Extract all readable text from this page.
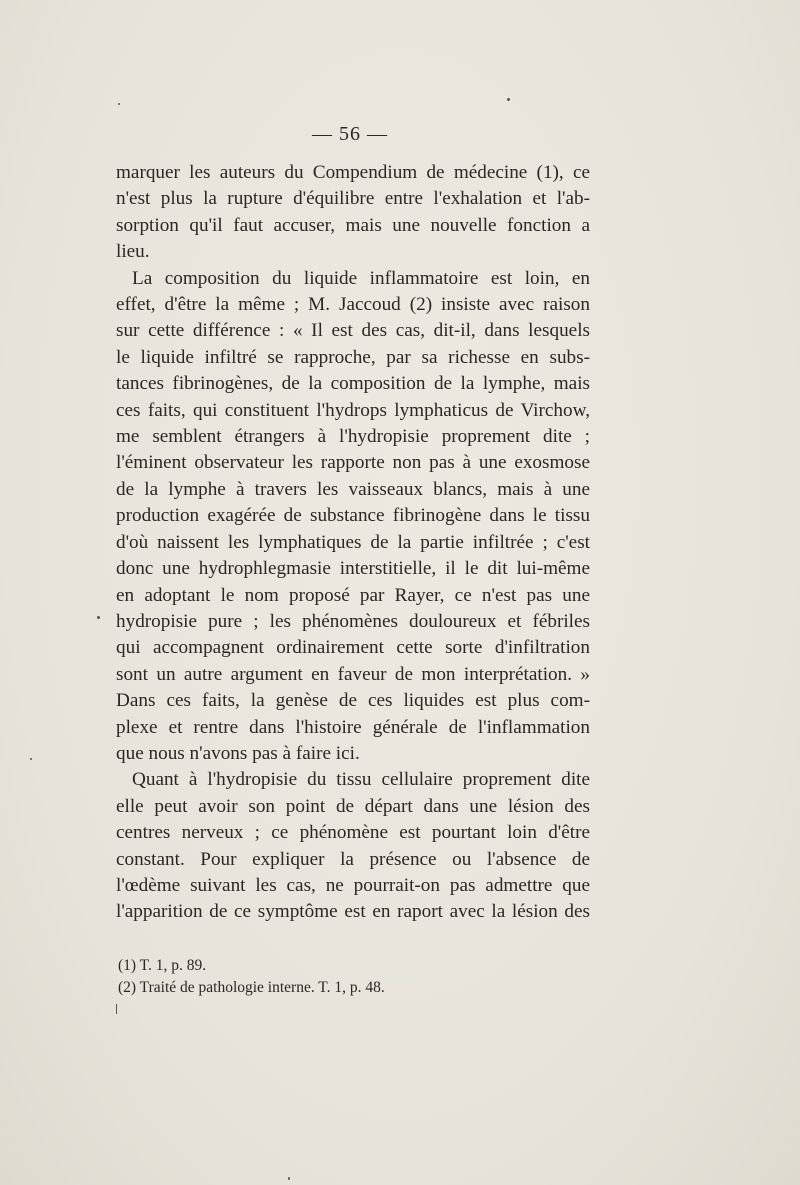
— 56 —

marquer les auteurs du Compendium de médecine (1), ce

n'est plus la rupture d'équilibre entre l'exhalation et l'ab-

sorption qu'il faut accuser, mais une nouvelle fonction a

lieu.

La composition du liquide inflammatoire est loin, en

effet, d'être la même ; M. Jaccoud (2) insiste avec raison

sur cette différence : « Il est des cas, dit-il, dans lesquels

le liquide infiltré se rapproche, par sa richesse en subs-

tances fibrinogènes, de la composition de la lymphe, mais

ces faits, qui constituent l'hydrops lymphaticus de Virchow,

me semblent étrangers à l'hydropisie proprement dite ;

l'éminent observateur les rapporte non pas à une exosmose

de la lymphe à travers les vaisseaux blancs, mais à une

production exagérée de substance fibrinogène dans le tissu

d'où naissent les lymphatiques de la partie infiltrée ; c'est

donc une hydrophlegmasie interstitielle, il le dit lui-même

en adoptant le nom proposé par Rayer, ce n'est pas une

hydropisie pure ; les phénomènes douloureux et fébriles

qui accompagnent ordinairement cette sorte d'infiltration

sont un autre argument en faveur de mon interprétation. »

Dans ces faits, la genèse de ces liquides est plus com-

plexe et rentre dans l'histoire générale de l'inflammation

que nous n'avons pas à faire ici.

Quant à l'hydropisie du tissu cellulaire proprement dite

elle peut avoir son point de départ dans une lésion des

centres nerveux ; ce phénomène est pourtant loin d'être

constant. Pour expliquer la présence ou l'absence de

l'œdème suivant les cas, ne pourrait-on pas admettre que

l'apparition de ce symptôme est en raport avec la lésion des

(1) T. 1, p. 89.

(2) Traité de pathologie interne. T. 1, p. 48.
